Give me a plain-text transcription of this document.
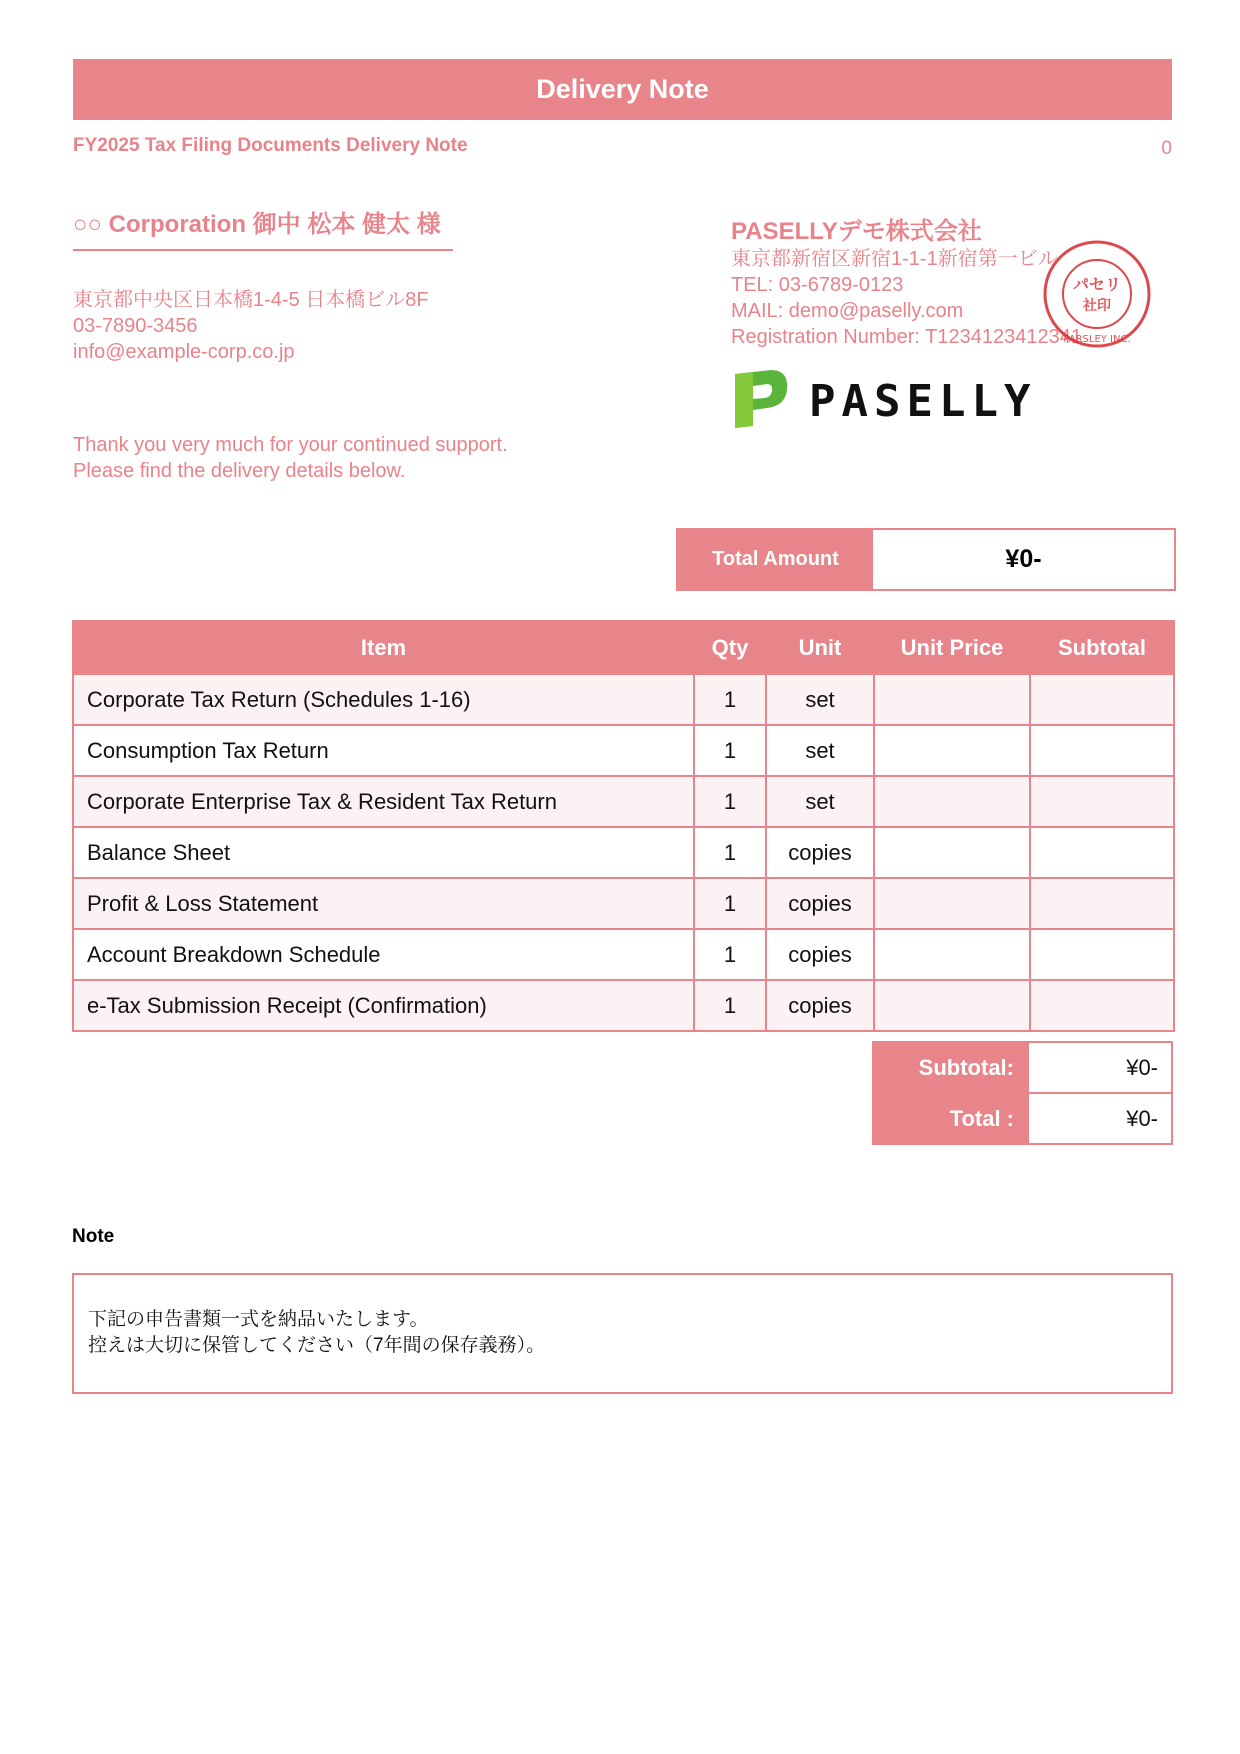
Delivery Note
FY2025 Tax Filing Documents Delivery Note	0
○○ Corporation 御中 松本 健太 様
東京都中央区日本橋1-4-5 日本橋ビル8F
03-7890-3456
info@example-corp.co.jp
Thank you very much for your continued support.
Please find the delivery details below.
PASELLYデモ株式会社
東京都新宿区新宿1-1-1新宿第一ビル
TEL: 03-6789-0123
MAIL: demo@paselly.com
Registration Number: T1234123412341
パセリ
社印
PARSLEY INC.
PASELLY
Total Amount	¥0-
Item	Qty	Unit	Unit Price	Subtotal
Corporate Tax Return (Schedules 1-16)	1	set		
Consumption Tax Return	1	set		
Corporate Enterprise Tax & Resident Tax Return	1	set		
Balance Sheet	1	copies		
Profit & Loss Statement	1	copies		
Account Breakdown Schedule	1	copies		
e-Tax Submission Receipt (Confirmation)	1	copies		
Subtotal:	¥0-
Total :	¥0-
Note
下記の申告書類一式を納品いたします。
控えは大切に保管してください（7年間の保存義務）。
